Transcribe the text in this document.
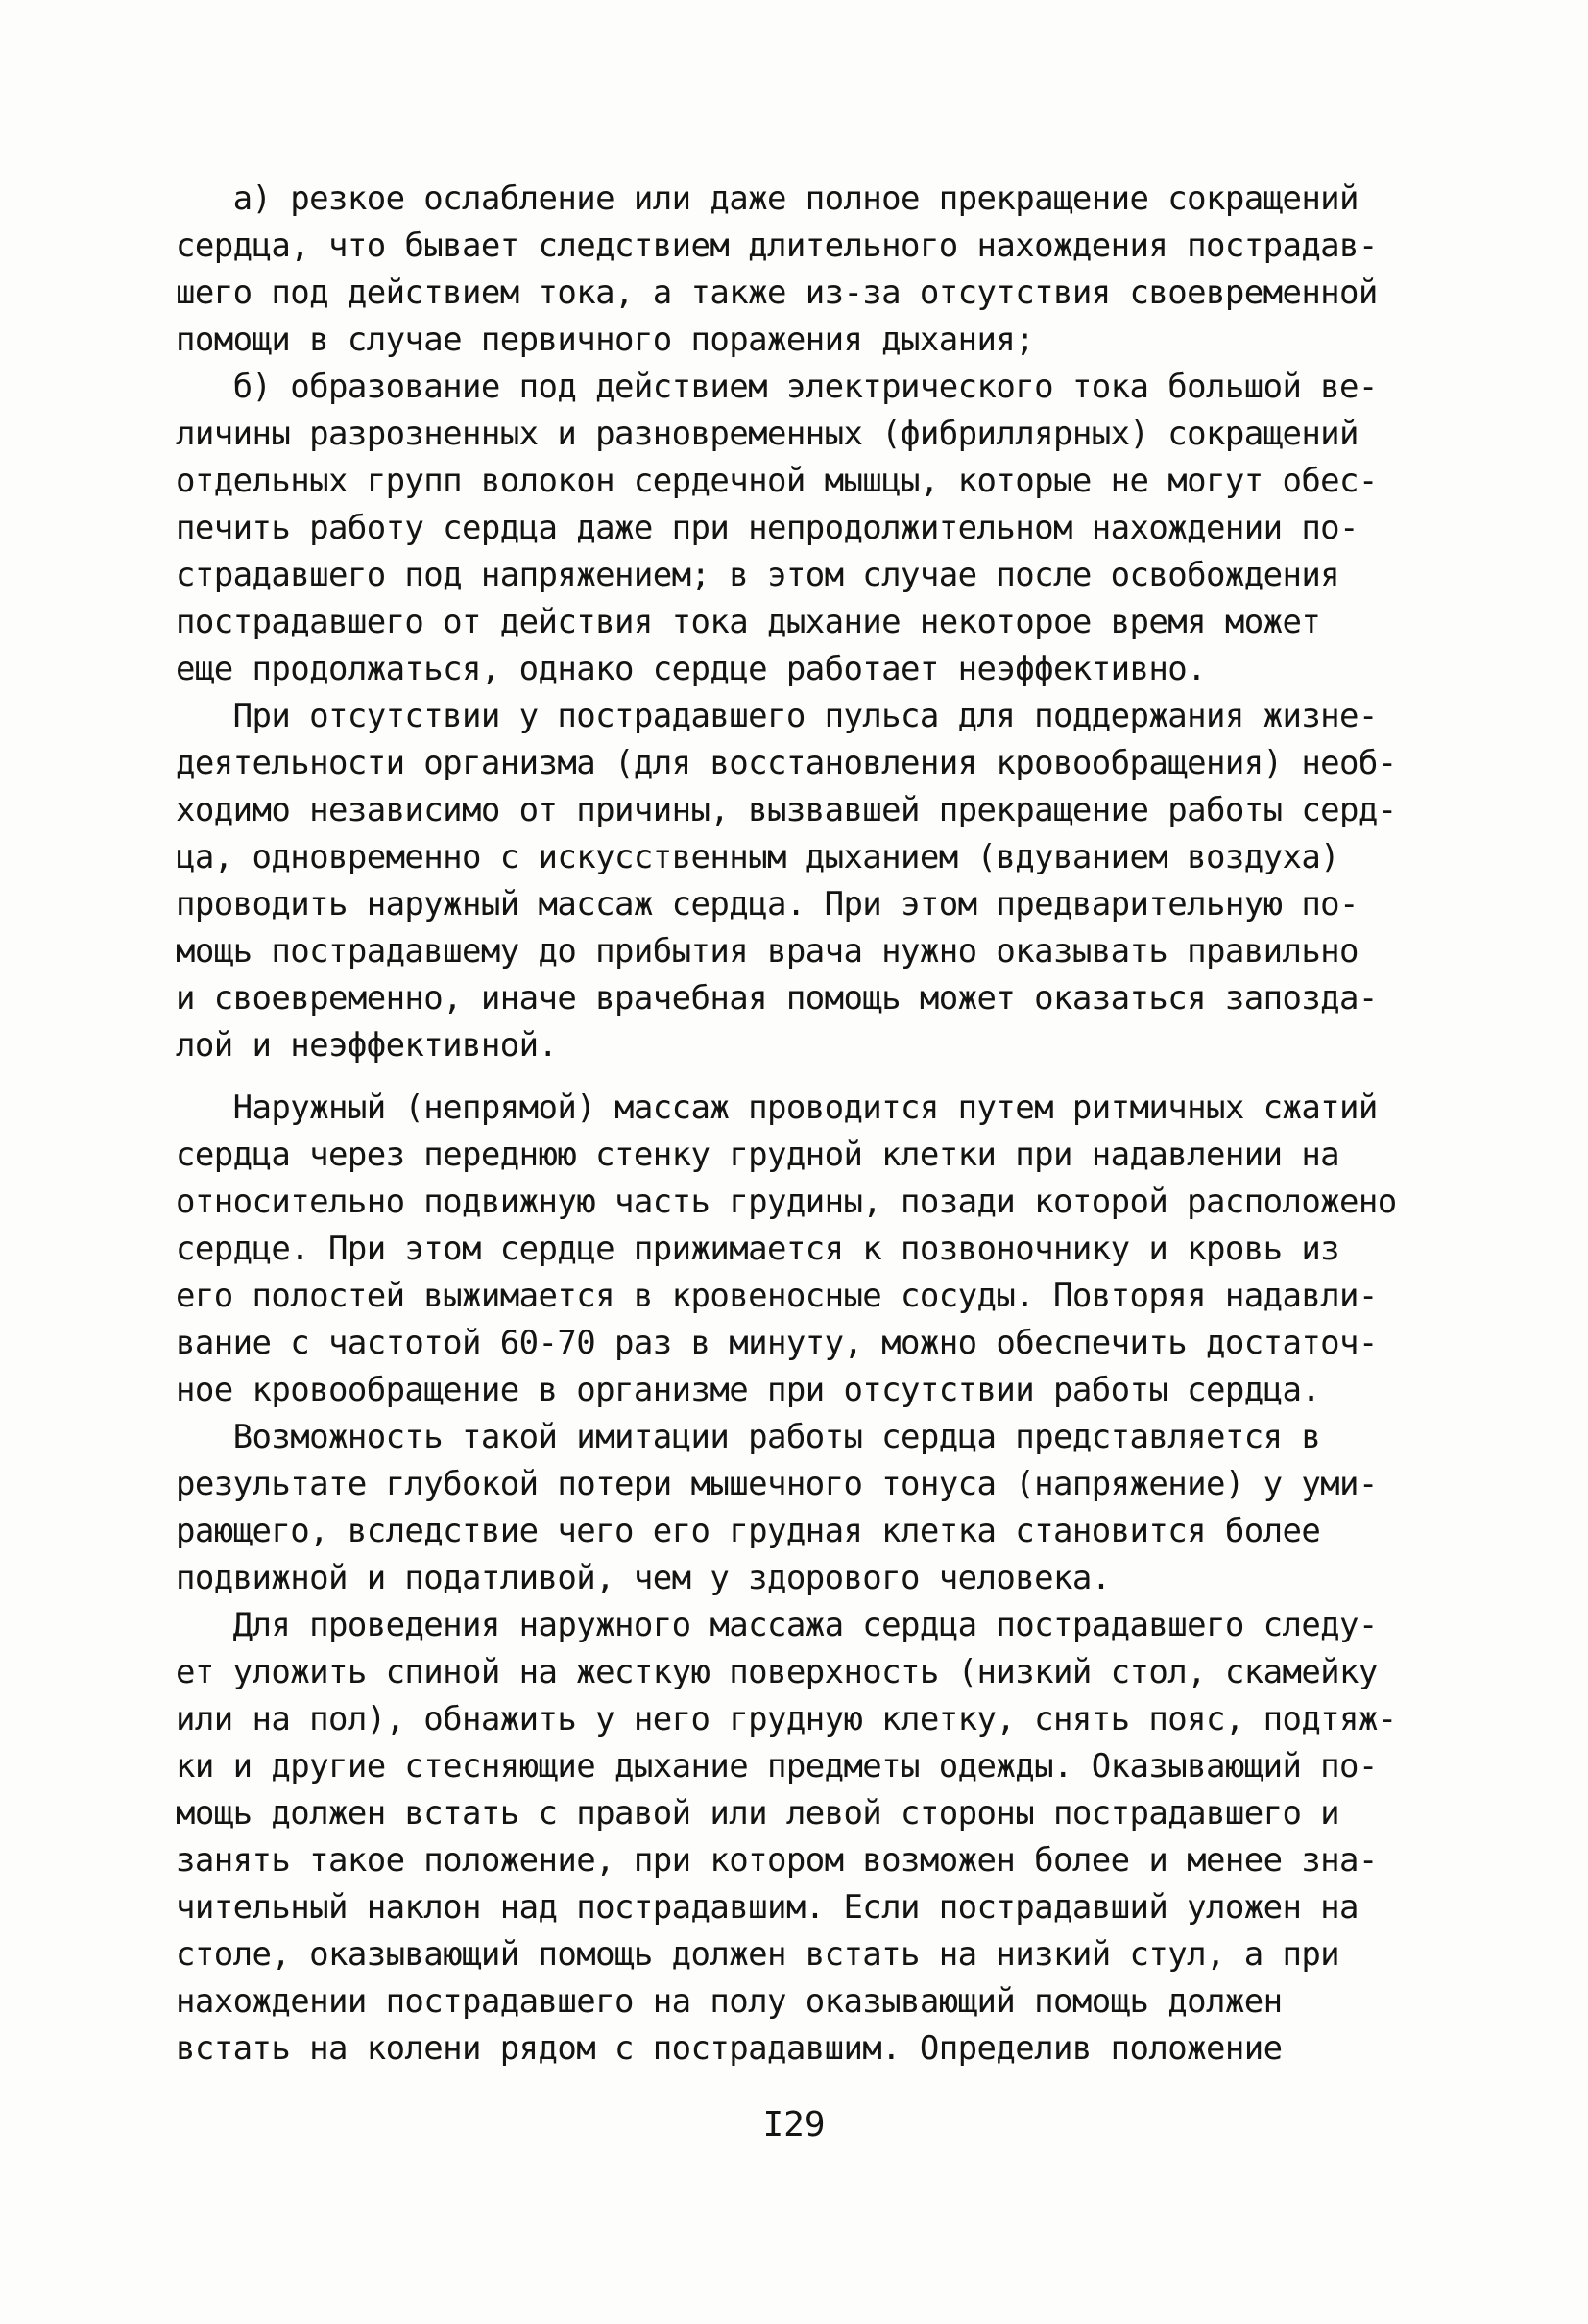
а) резкое ослабление или даже полное прекращение сокращений
сердца, что бывает следствием длительного нахождения пострадав-
шего под действием тока, а также из-за отсутствия своевременной
помощи в случае первичного поражения дыхания;
б) образование под действием электрического тока большой ве-
личины разрозненных и разновременных (фибриллярных) сокращений
отдельных групп волокон сердечной мышцы, которые не могут обес-
печить работу сердца даже при непродолжительном нахождении по-
страдавшего под напряжением; в этом случае после освобождения
пострадавшего от действия тока дыхание некоторое время может
еще продолжаться, однако сердце работает неэффективно.
При отсутствии у пострадавшего пульса для поддержания жизне-
деятельности организма (для восстановления кровообращения) необ-
ходимо независимо от причины, вызвавшей прекращение работы серд-
ца, одновременно с искусственным дыханием (вдуванием воздуха)
проводить наружный массаж сердца. При этом предварительную по-
мощь пострадавшему до прибытия врача нужно оказывать правильно
и своевременно, иначе врачебная помощь может оказаться запозда-
лой и неэффективной.
Наружный (непрямой) массаж проводится путем ритмичных сжатий
сердца через переднюю стенку грудной клетки при надавлении на
относительно подвижную часть грудины, позади которой расположено
сердце. При этом сердце прижимается к позвоночнику и кровь из
его полостей выжимается в кровеносные сосуды. Повторяя надавли-
вание с частотой 60-70 раз в минуту, можно обеспечить достаточ-
ное кровообращение в организме при отсутствии работы сердца.
Возможность такой имитации работы сердца представляется в
результате глубокой потери мышечного тонуса (напряжение) у уми-
рающего, вследствие чего его грудная клетка становится более
подвижной и податливой, чем у здорового человека.
Для проведения наружного массажа сердца пострадавшего следу-
ет уложить спиной на жесткую поверхность (низкий стол, скамейку
или на пол), обнажить у него грудную клетку, снять пояс, подтяж-
ки и другие стесняющие дыхание предметы одежды. Оказывающий по-
мощь должен встать с правой или левой стороны пострадавшего и
занять такое положение, при котором возможен более и менее зна-
чительный наклон над пострадавшим. Если пострадавший уложен на
столе, оказывающий помощь должен встать на низкий стул, а при
нахождении пострадавшего на полу оказывающий помощь должен
встать на колени рядом с пострадавшим. Определив положение
I29
